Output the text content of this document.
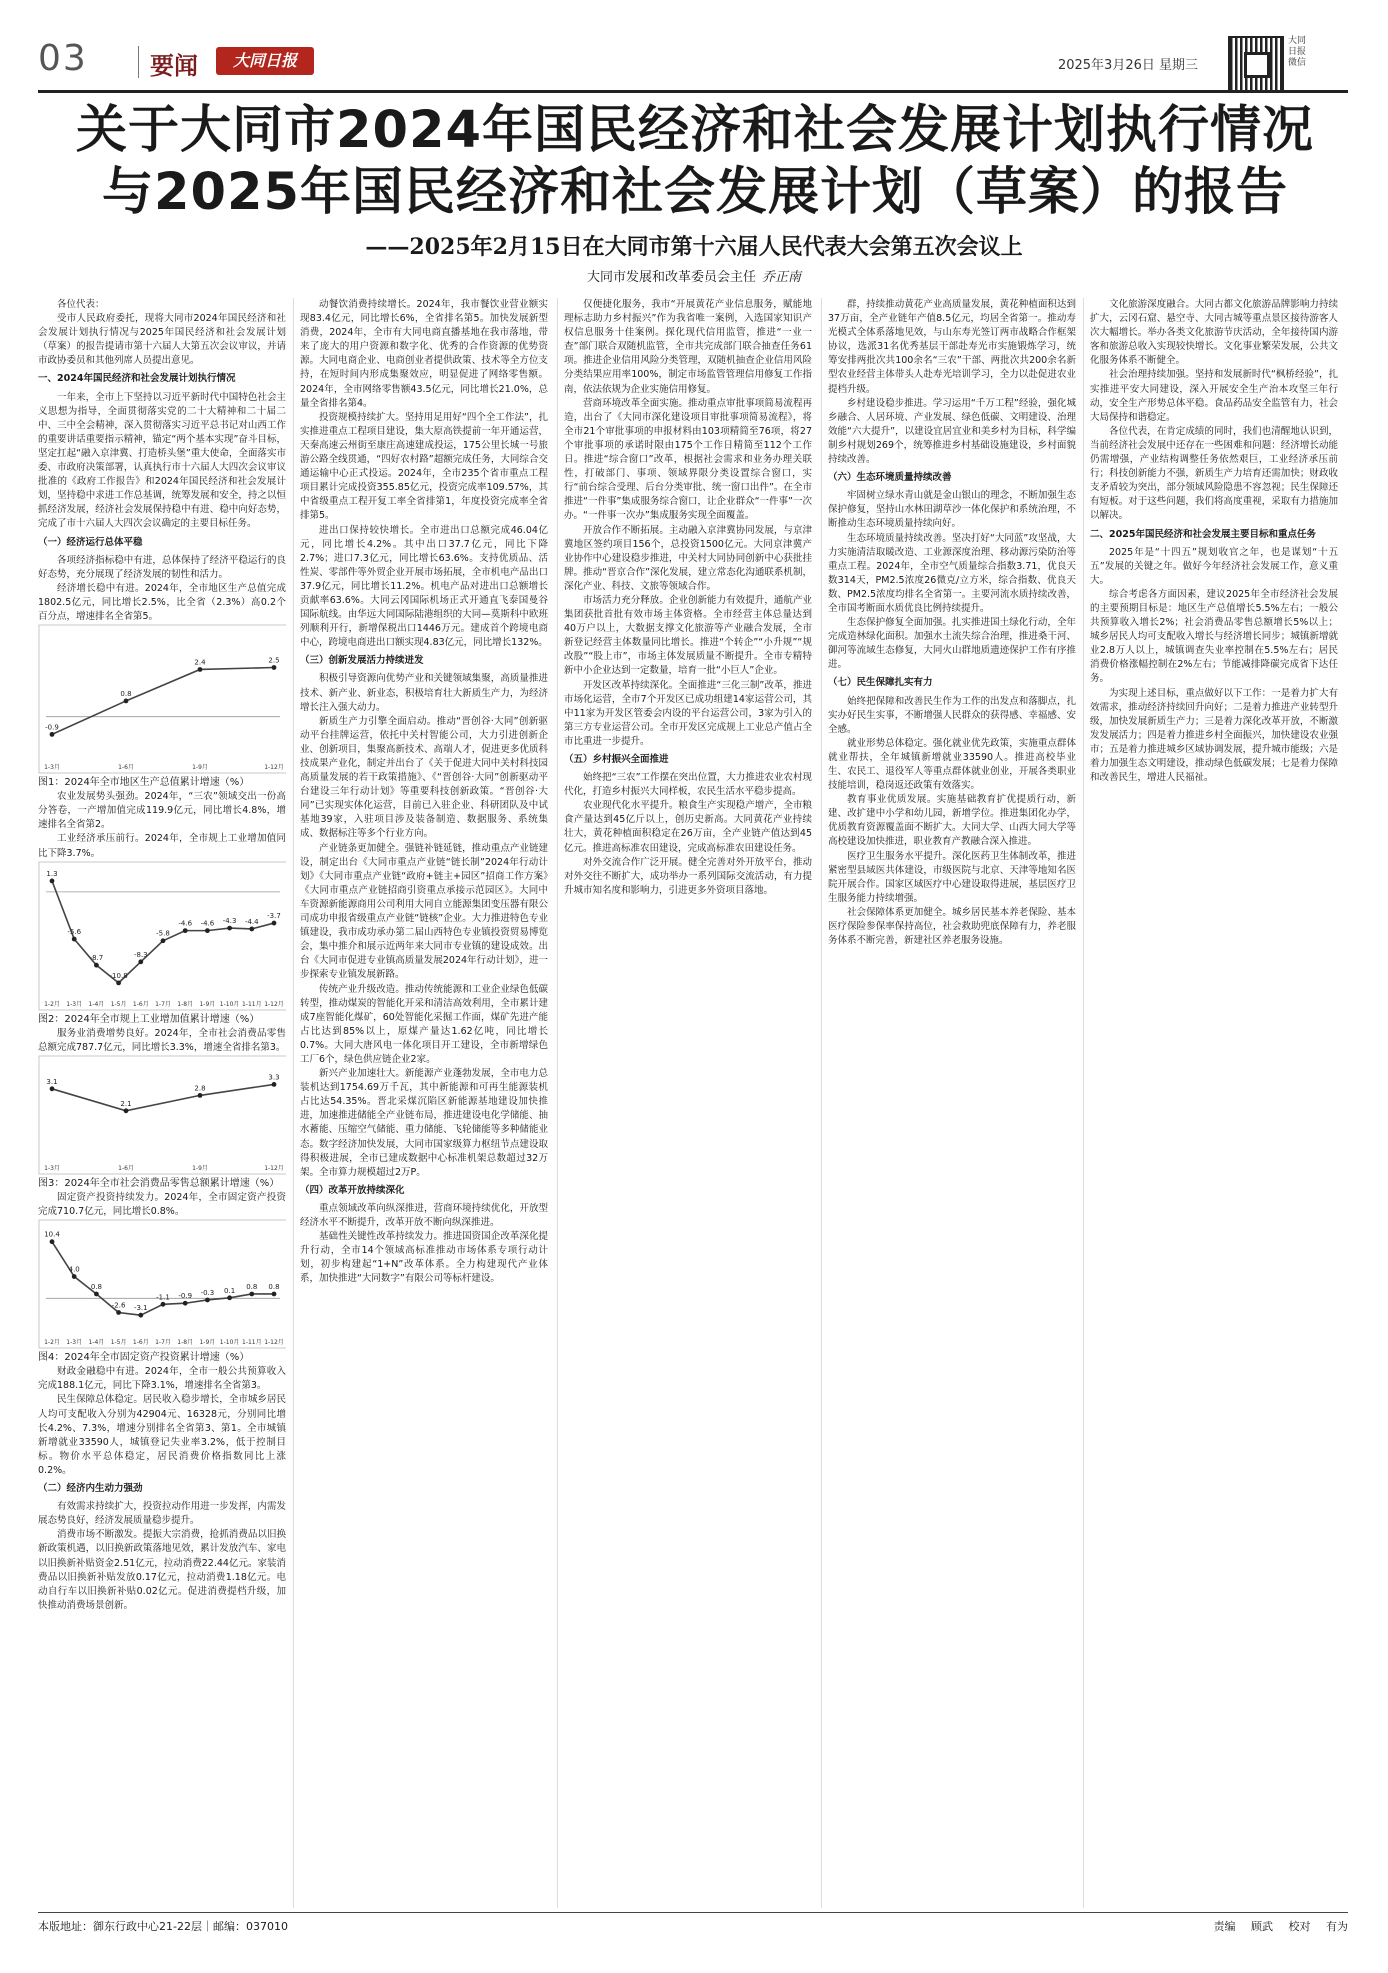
03	要闻	大同日报	2025年3月26日 星期三
大同日报微信
关于大同市2024年国民经济和社会发展计划执行情况
与2025年国民经济和社会发展计划（草案）的报告
——2025年2月15日在大同市第十六届人民代表大会第五次会议上
大同市发展和改革委员会主任 乔正南

各位代表：

受市人民政府委托，现将大同市2024年国民经济和社会发展计划执行情况与2025年国民经济和社会发展计划（草案）的报告提请市第十六届人大第五次会议审议，并请市政协委员和其他列席人员提出意见。

一、2024年国民经济和社会发展计划执行情况

一年来，全市上下坚持以习近平新时代中国特色社会主义思想为指导，全面贯彻落实党的二十大精神和二十届二中、三中全会精神，深入贯彻落实习近平总书记对山西工作的重要讲话重要指示精神，锚定“两个基本实现”奋斗目标，坚定扛起“融入京津冀、打造桥头堡”重大使命，全面落实市委、市政府决策部署，认真执行市十六届人大四次会议审议批准的《政府工作报告》和2024年国民经济和社会发展计划，坚持稳中求进工作总基调，统筹发展和安全，持之以恒抓经济发展，经济社会发展保持稳中有进、稳中向好态势，完成了市十六届人大四次会议确定的主要目标任务。

（一）经济运行总体平稳

各项经济指标稳中有进，总体保持了经济平稳运行的良好态势，充分展现了经济发展的韧性和活力。

经济增长稳中有进。2024年，全市地区生产总值完成1802.5亿元，同比增长2.5%，比全省（2.3%）高0.2个百分点，增速排名全省第5。

-0.9
1-3月
0.8
1-6月
2.4
1-9月
2.5
1-12月
图1：2024年全市地区生产总值累计增速（%）

农业发展势头强劲。2024年，“三农”领域交出一份高分答卷，一产增加值完成119.9亿元，同比增长4.8%，增速排名全省第2。

工业经济承压前行。2024年，全市规上工业增加值同比下降3.7%。

1.3
1-2月
-5.6
1-3月
-8.7
1-4月
-10.8
1-5月
-8.3
1-6月
-5.8
1-7月
-4.6
1-8月
-4.6
1-9月
-4.3
1-10月
-4.4
1-11月
-3.7
1-12月
图2：2024年全市规上工业增加值累计增速（%）

服务业消费增势良好。2024年，全市社会消费品零售总额完成787.7亿元，同比增长3.3%，增速全省排名第3。

3.1
1-3月
2.1
1-6月
2.8
1-9月
3.3
1-12月
图3：2024年全市社会消费品零售总额累计增速（%）

固定资产投资持续发力。2024年，全市固定资产投资完成710.7亿元，同比增长0.8%。

10.4
1-2月
4.0
1-3月
0.8
1-4月
-2.6
1-5月
-3.1
1-6月
-1.1
1-7月
-0.9
1-8月
-0.3
1-9月
0.1
1-10月
0.8
1-11月
0.8
1-12月
图4：2024年全市固定资产投资累计增速（%）

财政金融稳中有进。2024年，全市一般公共预算收入完成188.1亿元，同比下降3.1%，增速排名全省第3。

民生保障总体稳定。居民收入稳步增长，全市城乡居民人均可支配收入分别为42904元、16328元，分别同比增长4.2%、7.3%，增速分别排名全省第3、第1。全市城镇新增就业33590人，城镇登记失业率3.2%，低于控制目标。物价水平总体稳定，居民消费价格指数同比上涨0.2%。

（二）经济内生动力强劲

有效需求持续扩大，投资拉动作用进一步发挥，内需发展态势良好，经济发展质量稳步提升。

消费市场不断激发。提振大宗消费，抢抓消费品以旧换新政策机遇，以旧换新政策落地见效，累计发放汽车、家电以旧换新补贴资金2.51亿元，拉动消费22.44亿元。家装消费品以旧换新补贴发放0.17亿元，拉动消费1.18亿元。电动自行车以旧换新补贴0.02亿元。促进消费提档升级，加快推动消费场景创新。

动餐饮消费持续增长。2024年，我市餐饮业营业额实现83.4亿元，同比增长6%，全省排名第5。加快发展新型消费，2024年，全市有大同电商直播基地在我市落地，带来了庞大的用户资源和数字化、优秀的合作资源的优势资源。大同电商企业、电商创业者提供政策、技术等全方位支持，在短时间内形成集聚效应，明显促进了网络零售额。2024年，全市网络零售额43.5亿元，同比增长21.0%，总量全省排名第4。

投资规模持续扩大。坚持用足用好“四个全工作法”，扎实推进重点工程项目建设，集大原高铁提前一年开通运营，天秦高速云州街至康庄高速建成投运，175公里长城一号旅游公路全线贯通，“四好农村路”超额完成任务，大同综合交通运输中心正式投运。2024年，全市235个省市重点工程项目累计完成投资355.85亿元，投资完成率109.57%，其中省级重点工程开复工率全省排第1，年度投资完成率全省排第5。

进出口保持较快增长。全市进出口总额完成46.04亿元，同比增长4.2%。其中出口37.7亿元，同比下降2.7%；进口7.3亿元，同比增长63.6%。支持优质品、活性炭、零部件等外贸企业开展市场拓展，全市机电产品出口37.9亿元，同比增长11.2%。机电产品对进出口总额增长贡献率63.6%。大同云冈国际机场正式开通直飞泰国曼谷国际航线。由华远大同国际陆港组织的大同—莫斯科中欧班列顺利开行，新增保税出口1446万元。建成首个跨境电商中心，跨境电商进出口额实现4.83亿元，同比增长132%。

（三）创新发展活力持续迸发

积极引导资源向优势产业和关键领域集聚，高质量推进技术、新产业、新业态，积极培育壮大新质生产力，为经济增长注入强大动力。

新质生产力引擎全面启动。推动“晋创谷·大同”创新驱动平台挂牌运营，依托中关村智能公司，大力引进创新企业、创新项目，集聚高新技术、高端人才，促进更多优质科技成果产业化，制定并出台了《关于促进大同中关村科技园高质量发展的若干政策措施》、《“晋创谷·大同”创新驱动平台建设三年行动计划》等重要科技创新政策。“晋创谷·大同”已实现实体化运营，目前已入驻企业、科研团队及中试基地39家，入驻项目涉及装备制造、数据服务、系统集成、数据标注等多个行业方向。

产业链条更加健全。强链补链延链，推动重点产业链建设，制定出台《大同市重点产业链“链长制”2024年行动计划》《大同市重点产业链“政府+链主+园区”招商工作方案》《大同市重点产业链招商引资重点承接示范园区》。大同中车资源新能源商用公司利用大同自立能源集团变压器有限公司成功申报省级重点产业链“链核”企业。大力推进特色专业镇建设，我市成功承办第二届山西特色专业镇投资贸易博览会，集中推介和展示近两年来大同市专业镇的建设成效。出台《大同市促进专业镇高质量发展2024年行动计划》，进一步探索专业镇发展新路。

传统产业升级改造。推动传统能源和工业企业绿色低碳转型，推动煤炭的智能化开采和清洁高效利用，全市累计建成7座智能化煤矿，60处智能化采掘工作面，煤矿先进产能占比达到85%以上，原煤产量达1.62亿吨，同比增长0.7%。大同大唐风电一体化项目开工建设，全市新增绿色工厂6个，绿色供应链企业2家。

新兴产业加速壮大。新能源产业蓬勃发展，全市电力总装机达到1754.69万千瓦，其中新能源和可再生能源装机占比达54.35%。晋北采煤沉陷区新能源基地建设加快推进，加速推进储能全产业链布局，推进建设电化学储能、抽水蓄能、压缩空气储能、重力储能、飞轮储能等多种储能业态。数字经济加快发展，大同市国家级算力枢纽节点建设取得积极进展，全市已建成数据中心标准机架总数超过32万架。全市算力规模超过2万P。

（四）改革开放持续深化

重点领域改革向纵深推进，营商环境持续优化，开放型经济水平不断提升，改革开放不断向纵深推进。

基础性关键性改革持续发力。推进国资国企改革深化提升行动，全市14个领域高标准推动市场体系专项行动计划，初步构建起“1+N”改革体系。全力构建现代产业体系，加快推进“大同数字”有限公司等标杆建设。

仅便捷化服务，我市“开展黄花产业信息服务，赋能地理标志助力乡村振兴”作为我省唯一案例，入选国家知识产权信息服务十佳案例。探化现代信用监管，推进“一业一查”部门联合双随机监管，全市共完成部门联合抽查任务61项。推进企业信用风险分类管理，双随机抽查企业信用风险分类结果应用率100%，制定市场监管管理信用修复工作指南，依法依规为企业实施信用修复。

营商环境改革全面实施。推动重点审批事项简易流程再造，出台了《大同市深化建设项目审批事项简易流程》，将全市21个审批事项的申报材料由103项精简至76项，将27个审批事项的承诺时限由175个工作日精简至112个工作日。推进“综合窗口”改革，根据社会需求和业务办理关联性，打破部门、事项、领域界限分类设置综合窗口，实行“前台综合受理、后台分类审批、统一窗口出件”。在全市推进“一件事”集成服务综合窗口，让企业群众“一件事”一次办。“一件事一次办”集成服务实现全面覆盖。

开放合作不断拓展。主动融入京津冀协同发展，与京津冀地区签约项目156个，总投资1500亿元。大同京津冀产业协作中心建设稳步推进，中关村大同协同创新中心获批挂牌。推动“晋京合作”深化发展，建立常态化沟通联系机制，深化产业、科技、文旅等领域合作。

市场活力充分释放。企业创新能力有效提升，通航产业集团获批首批有效市场主体资格。全市经营主体总量达到40万户以上，大数据支撑文化旅游等产业融合发展，全市新登记经营主体数量同比增长。推进“个转企”“小升规”“规改股”“股上市”，市场主体发展质量不断提升。全市专精特新中小企业达到一定数量，培育一批“小巨人”企业。

开发区改革持续深化。全面推进“三化三制”改革，推进市场化运营，全市7个开发区已成功组建14家运营公司，其中11家为开发区管委会内设的平台运营公司，3家为引入的第三方专业运营公司。全市开发区完成规上工业总产值占全市比重进一步提升。

（五）乡村振兴全面推进

始终把“三农”工作摆在突出位置，大力推进农业农村现代化，打造乡村振兴大同样板，农民生活水平稳步提高。

农业现代化水平提升。粮食生产实现稳产增产，全市粮食产量达到45亿斤以上，创历史新高。大同黄花产业持续壮大，黄花种植面积稳定在26万亩，全产业链产值达到45亿元。推进高标准农田建设，完成高标准农田建设任务。

对外交流合作广泛开展。健全完善对外开放平台，推动对外交往不断扩大，成功举办一系列国际交流活动，有力提升城市知名度和影响力，引进更多外资项目落地。

群，持续推动黄花产业高质量发展，黄花种植面积达到37万亩，全产业链年产值8.5亿元，均居全省第一。推动寿光模式全体系落地见效，与山东寿光签订两市战略合作框架协议，选派31名优秀基层干部赴寿光市实施锻炼学习，统筹安排两批次共100余名“三农”干部、两批次共200余名新型农业经营主体带头人赴寿光培训学习，全力以赴促进农业提档升级。

乡村建设稳步推进。学习运用“千万工程”经验，强化城乡融合、人居环境、产业发展、绿色低碳、文明建设、治理效能“六大提升”，以建设宜居宜业和美乡村为目标，科学编制乡村规划269个，统筹推进乡村基础设施建设，乡村面貌持续改善。

（六）生态环境质量持续改善

牢固树立绿水青山就是金山银山的理念，不断加强生态保护修复，坚持山水林田湖草沙一体化保护和系统治理，不断推动生态环境质量持续向好。

生态环境质量持续改善。坚决打好“大同蓝”攻坚战，大力实施清洁取暖改造、工业源深度治理、移动源污染防治等重点工程。2024年，全市空气质量综合指数3.71，优良天数314天，PM2.5浓度26微克/立方米，综合指数、优良天数、PM2.5浓度均排名全省第一。主要河流水质持续改善，全市国考断面水质优良比例持续提升。

生态保护修复全面加强。扎实推进国土绿化行动，全年完成造林绿化面积。加强水土流失综合治理，推进桑干河、御河等流域生态修复，大同火山群地质遗迹保护工作有序推进。

（七）民生保障扎实有力

始终把保障和改善民生作为工作的出发点和落脚点，扎实办好民生实事，不断增强人民群众的获得感、幸福感、安全感。

就业形势总体稳定。强化就业优先政策，实施重点群体就业帮扶，全年城镇新增就业33590人。推进高校毕业生、农民工、退役军人等重点群体就业创业，开展各类职业技能培训，稳岗返还政策有效落实。

教育事业优质发展。实施基础教育扩优提质行动，新建、改扩建中小学和幼儿园，新增学位。推进集团化办学，优质教育资源覆盖面不断扩大。大同大学、山西大同大学等高校建设加快推进，职业教育产教融合深入推进。

医疗卫生服务水平提升。深化医药卫生体制改革，推进紧密型县域医共体建设，市级医院与北京、天津等地知名医院开展合作。国家区域医疗中心建设取得进展，基层医疗卫生服务能力持续增强。

社会保障体系更加健全。城乡居民基本养老保险、基本医疗保险参保率保持高位，社会救助兜底保障有力，养老服务体系不断完善，新建社区养老服务设施。

文化旅游深度融合。大同古都文化旅游品牌影响力持续扩大，云冈石窟、悬空寺、大同古城等重点景区接待游客人次大幅增长。举办各类文化旅游节庆活动，全年接待国内游客和旅游总收入实现较快增长。文化事业繁荣发展，公共文化服务体系不断健全。

社会治理持续加强。坚持和发展新时代“枫桥经验”，扎实推进平安大同建设，深入开展安全生产治本攻坚三年行动，安全生产形势总体平稳。食品药品安全监管有力，社会大局保持和谐稳定。

各位代表，在肯定成绩的同时，我们也清醒地认识到，当前经济社会发展中还存在一些困难和问题：经济增长动能仍需增强，产业结构调整任务依然艰巨，工业经济承压前行；科技创新能力不强，新质生产力培育还需加快；财政收支矛盾较为突出，部分领域风险隐患不容忽视；民生保障还有短板。对于这些问题，我们将高度重视，采取有力措施加以解决。

二、2025年国民经济和社会发展主要目标和重点任务

2025年是“十四五”规划收官之年，也是谋划“十五五”发展的关键之年。做好今年经济社会发展工作，意义重大。

综合考虑各方面因素，建议2025年全市经济社会发展的主要预期目标是：地区生产总值增长5.5%左右；一般公共预算收入增长2%；社会消费品零售总额增长5%以上；城乡居民人均可支配收入增长与经济增长同步；城镇新增就业2.8万人以上，城镇调查失业率控制在5.5%左右；居民消费价格涨幅控制在2%左右；节能减排降碳完成省下达任务。

为实现上述目标，重点做好以下工作：一是着力扩大有效需求，推动经济持续回升向好；二是着力推进产业转型升级，加快发展新质生产力；三是着力深化改革开放，不断激发发展活力；四是着力推进乡村全面振兴，加快建设农业强市；五是着力推进城乡区域协调发展，提升城市能级；六是着力加强生态文明建设，推动绿色低碳发展；七是着力保障和改善民生，增进人民福祉。

本版地址：御东行政中心21-22层｜邮编：037010	责编 顾武 校对 有为
